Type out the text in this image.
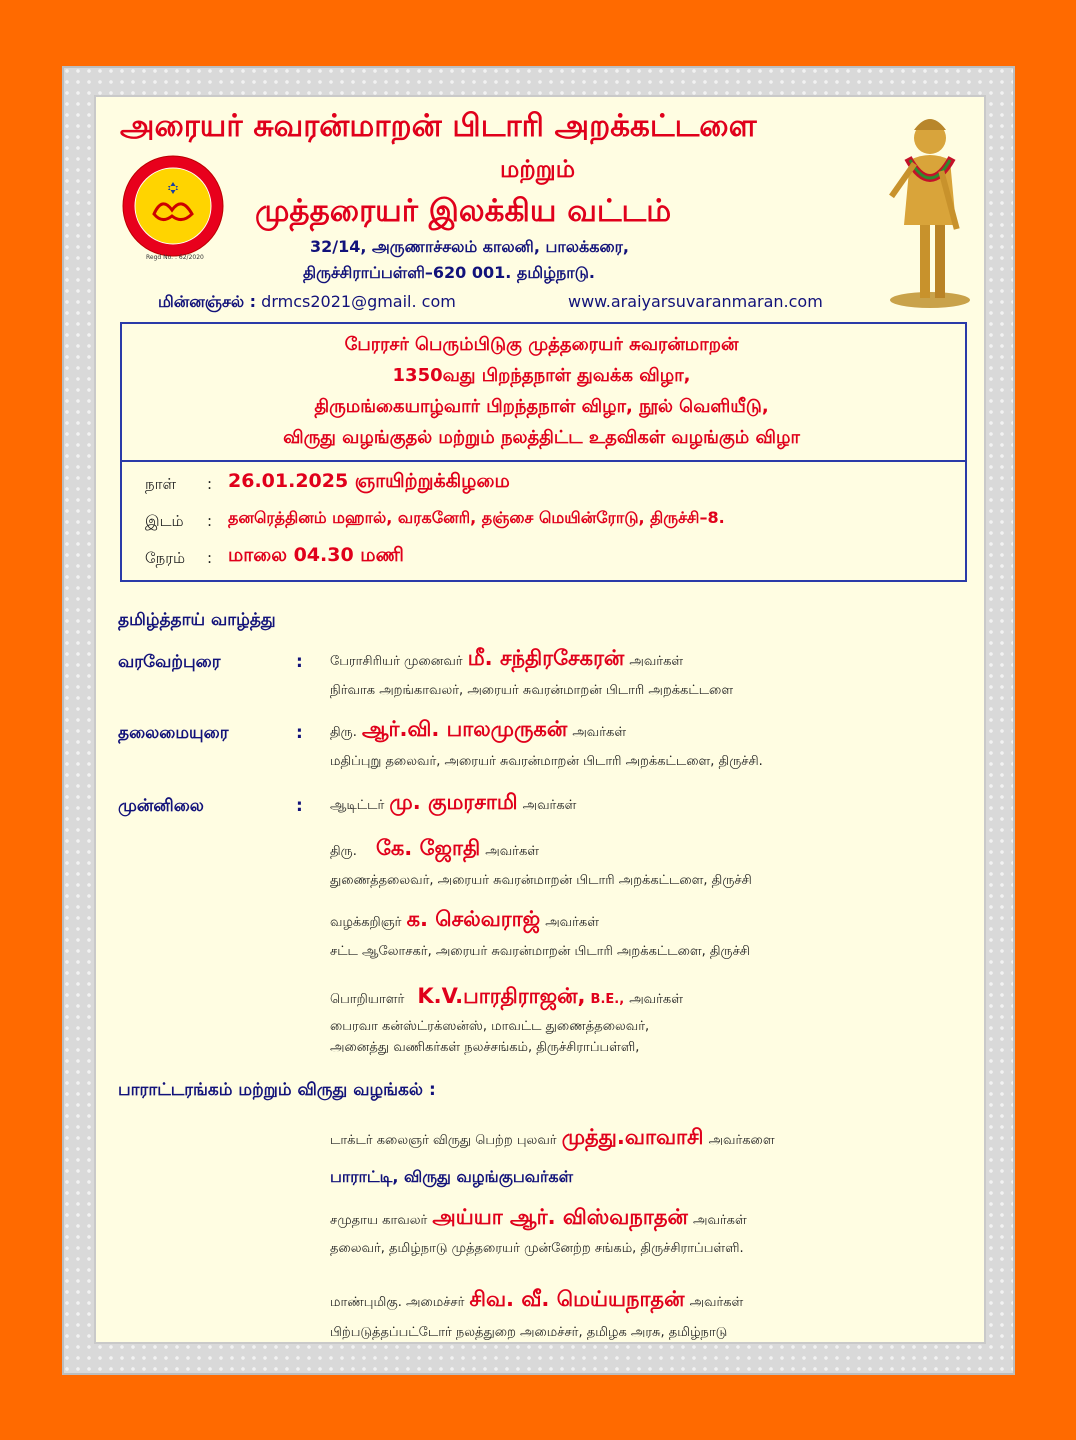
Regd No. : 62/2020
அரையர் சுவரன்மாறன் பிடாரி அறக்கட்டளை
மற்றும்
முத்தரையர் இலக்கிய வட்டம்
32/14, அருணாச்சலம் காலனி, பாலக்கரை,
திருச்சிராப்பள்ளி–620 001. தமிழ்நாடு.
மின்னஞ்சல் : drmcs2021@gmail. com	www.araiyarsuvaranmaran.com
பேரரசர் பெரும்பிடுகு முத்தரையர் சுவரன்மாறன்
1350வது பிறந்தநாள் துவக்க விழா,
திருமங்கையாழ்வார் பிறந்தநாள் விழா, நூல் வெளியீடு,
விருது வழங்குதல் மற்றும் நலத்திட்ட உதவிகள் வழங்கும் விழா
நாள் : 26.01.2025 ஞாயிற்றுக்கிழமை
இடம் : தனரெத்தினம் மஹால், வரகனேரி, தஞ்சை மெயின்ரோடு, திருச்சி–8.
நேரம் : மாலை 04.30 மணி
தமிழ்த்தாய் வாழ்த்து
வரவேற்புரை	: பேராசிரியர் முனைவர் மீ. சந்திரசேகரன் அவர்கள்
நிர்வாக அறங்காவலர், அரையர் சுவரன்மாறன் பிடாரி அறக்கட்டளை
தலைமையுரை	: திரு. ஆர்.வி. பாலமுருகன் அவர்கள்
மதிப்புறு தலைவர், அரையர் சுவரன்மாறன் பிடாரி அறக்கட்டளை, திருச்சி.
முன்னிலை	: ஆடிட்டர் மு. குமரசாமி அவர்கள்
திரு. கே. ஜோதி அவர்கள்
துணைத்தலைவர், அரையர் சுவரன்மாறன் பிடாரி அறக்கட்டளை, திருச்சி
வழக்கறிஞர் க. செல்வராஜ் அவர்கள்
சட்ட ஆலோசகர், அரையர் சுவரன்மாறன் பிடாரி அறக்கட்டளை, திருச்சி
பொறியாளர் K.V.பாரதிராஜன், B.E., அவர்கள்
பைரவா கன்ஸ்ட்ரக்ஸன்ஸ், மாவட்ட துணைத்தலைவர்,
அனைத்து வணிகர்கள் நலச்சங்கம், திருச்சிராப்பள்ளி,
பாராட்டரங்கம் மற்றும் விருது வழங்கல் :
டாக்டர் கலைஞர் விருது பெற்ற புலவர் முத்து.வாவாசி அவர்களை
பாராட்டி, விருது வழங்குபவர்கள்
சமுதாய காவலர் அய்யா ஆர். விஸ்வநாதன் அவர்கள்
தலைவர், தமிழ்நாடு முத்தரையர் முன்னேற்ற சங்கம், திருச்சிராப்பள்ளி.
மாண்புமிகு. அமைச்சர் சிவ. வீ. மெய்யநாதன் அவர்கள்
பிற்படுத்தப்பட்டோர் நலத்துறை அமைச்சர், தமிழக அரசு, தமிழ்நாடு
